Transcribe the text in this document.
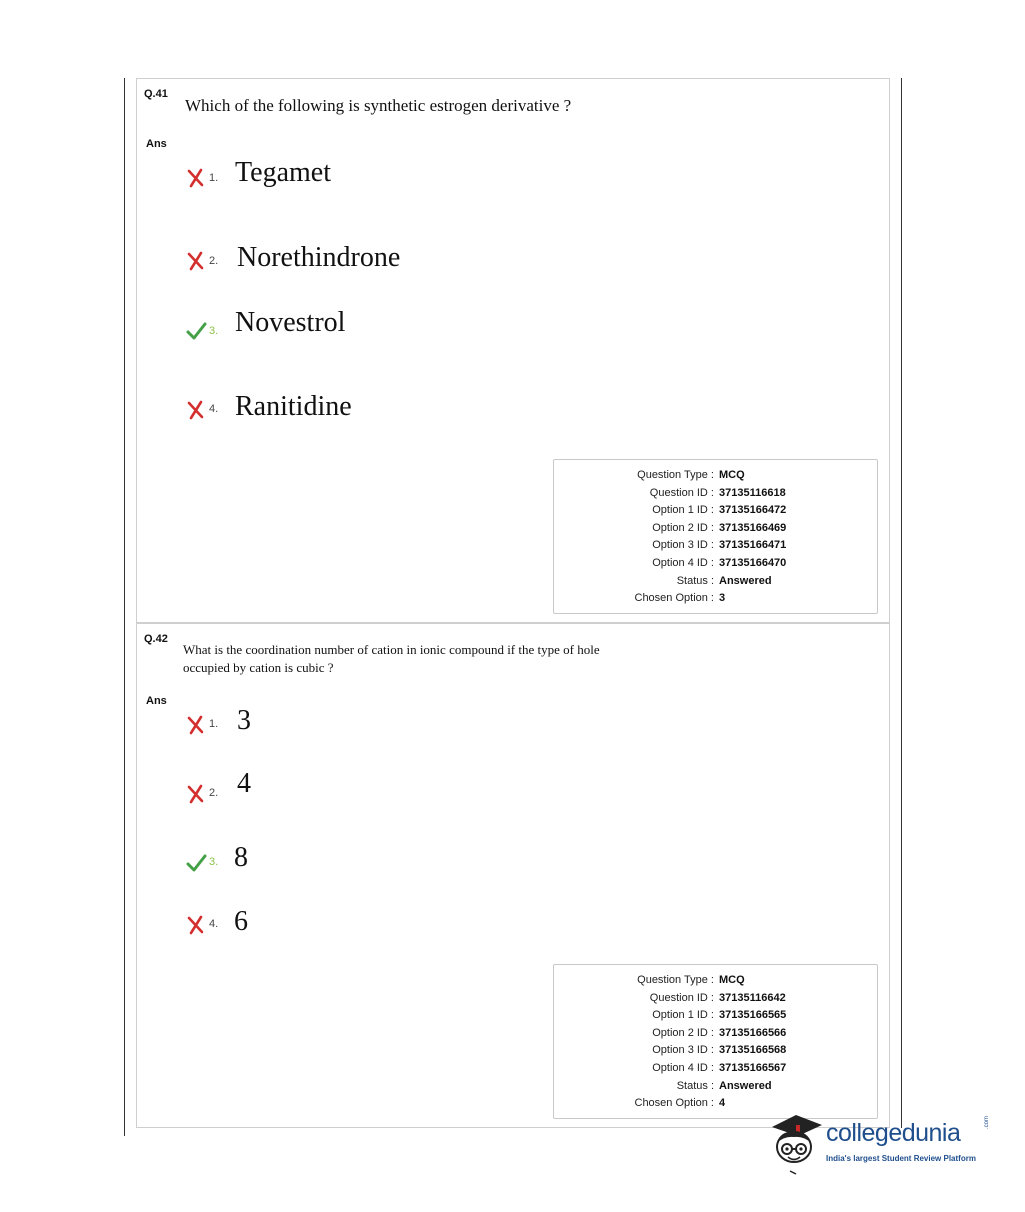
Q.41
Which of the following is synthetic estrogen derivative ?
Ans
1. Tegamet
2. Norethindrone
3. Novestrol
4. Ranitidine
Question Type : MCQ
Question ID : 37135116618
Option 1 ID : 37135166472
Option 2 ID : 37135166469
Option 3 ID : 37135166471
Option 4 ID : 37135166470
Status : Answered
Chosen Option : 3
Q.42
What is the coordination number of cation in ionic compound if the type of hole
occupied by cation is cubic ?
Ans
1. 3
2. 4
3. 8
4. 6
Question Type : MCQ
Question ID : 37135116642
Option 1 ID : 37135166565
Option 2 ID : 37135166566
Option 3 ID : 37135166568
Option 4 ID : 37135166567
Status : Answered
Chosen Option : 4
collegedunia	.com
India's largest Student Review Platform
